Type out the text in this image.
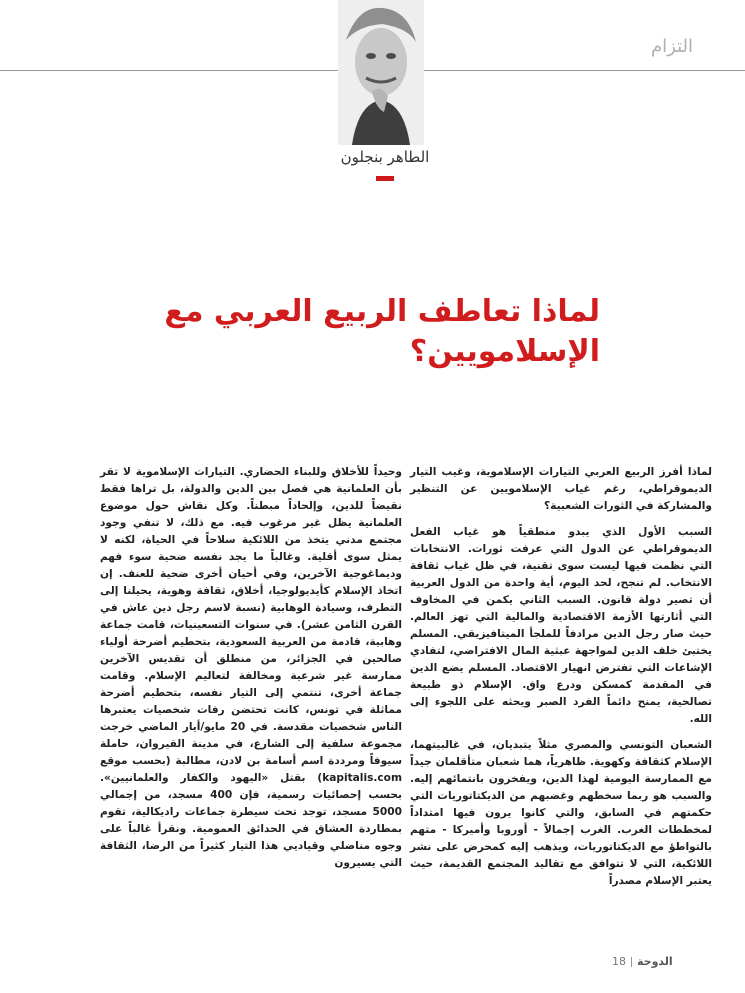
التزام
الطاهر بنجلون
لماذا تعاطف الربيع العربي مع الإسلامويين؟

لماذا أفرز الربيع العربي التيارات الإسلاموية، وغيب التيار الديموقراطي، رغم غياب الإسلامويين عن التنظير والمشاركة في الثورات الشعبية؟

السبب الأول الذي يبدو منطقياً هو غياب الفعل الديموقراطي عن الدول التي عرفت ثورات. الانتخابات التي نظمت فيها ليست سوى تقنية، في ظل غياب ثقافة الانتخاب. لم تنجح، لحد اليوم، أية واحدة من الدول العربية أن تصير دولة قانون. السبب الثاني يكمن في المخاوف التي أثارتها الأزمة الاقتصادية والمالية التي تهز العالم. حيث صار رجل الدين مرادفاً للملجأ الميتافيزيقي. المسلم يختبئ خلف الدين لمواجهة عبثية المال الافتراضي، لتفادي الإشاعات التي تفترض انهيار الاقتصاد. المسلم يضع الدين في المقدمة كمسكن ودرع واق. الإسلام ذو طبيعة تصالحية، يمنح دائماً الفرد الصبر ويحثه على اللجوء إلى الله.

الشعبان التونسي والمصري مثلاً يتبديان، في غالبيتهما، الإسلام كثقافة وكهوية. ظاهرياً، هما شعبان متأقلمان جيداً مع الممارسة اليومية لهذا الدين، ويفخرون بانتمائهم إليه. والسبب هو ربما سخطهم وغضبهم من الديكتاتوريات التي حكمتهم في السابق، والتي كانوا يرون فيها امتداداً لمخططات الغرب. الغرب إجمالاً - أوروبا وأميركا - متهم بالتواطؤ مع الديكتاتوريات، ويذهب إليه كمحرض على نشر اللائكية، التي لا تتوافق مع تقاليد المجتمع القديمة، حيث يعتبر الإسلام مصدراً

وحيداً للأخلاق وللبناء الحضاري. التيارات الإسلاموية لا تقر بأن العلمانية هي فصل بين الدين والدولة، بل تراها فقط نقيضاً للدين، وإلحاداً مبطناً. وكل نقاش حول موضوع العلمانية يظل غير مرغوب فيه. مع ذلك، لا تنفي وجود مجتمع مدني يتخذ من اللائكية سلاحاً في الحياة، لكنه لا يمثل سوى أقلية. وغالباً ما يجد نفسه ضحية سوء فهم وديماغوجية الآخرين، وفي أحيان أخرى ضحية للعنف. إن اتخاذ الإسلام كأيديولوجيا، أخلاق، ثقافة وهوية، يحيلنا إلى التطرف، وسيادة الوهابية (نسبة لاسم رجل دين عاش في القرن الثامن عشر). في سنوات التسعينيات، قامت جماعة وهابية، قادمة من العربية السعودية، بتحطيم أضرحة أولياء صالحين في الجزائر، من منطلق أن تقديس الآخرين ممارسة غير شرعية ومخالفة لتعاليم الإسلام. وقامت جماعة أخرى، تنتمي إلى التيار نفسه، بتحطيم أضرحة مماثلة في تونس، كانت تحتضن رفات شخصيات يعتبرها الناس شخصيات مقدسة. في 20 مايو/أيار الماضي خرجت مجموعة سلفية إلى الشارع، في مدينة القيروان، حاملة سيوفاً ومرددة اسم أسامة بن لادن، مطالبة (بحسب موقع kapitalis.com) بقتل «اليهود والكفار والعلمانيين». بحسب إحصائيات رسمية، فإن 400 مسجد، من إجمالي 5000 مسجد، توجد تحت سيطرة جماعات راديكالية، تقوم بمطاردة العشاق في الحدائق العمومية. ونقرأ غالباً على وجوه مناضلي وقياديي هذا التيار كثيراً من الرضا، الثقافة التي يسيرون

الدوحة18
